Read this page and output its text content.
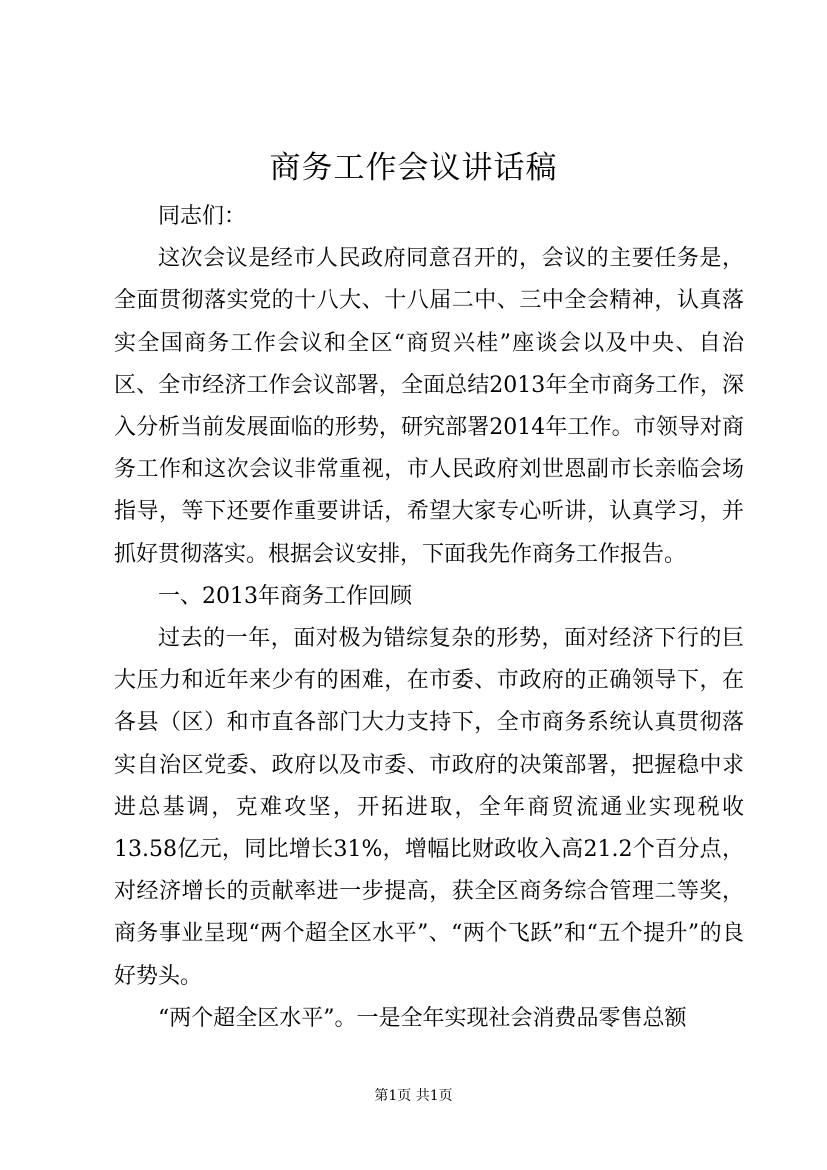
商务工作会议讲话稿

同志们：

这次会议是经市人民政府同意召开的，会议的主要任务是，全面贯彻落实党的十八大、十八届二中、三中全会精神，认真落实全国商务工作会议和全区“商贸兴桂”座谈会以及中央、自治区、全市经济工作会议部署，全面总结2013年全市商务工作，深入分析当前发展面临的形势，研究部署2014年工作。市领导对商务工作和这次会议非常重视，市人民政府刘世恩副市长亲临会场指导，等下还要作重要讲话，希望大家专心听讲，认真学习，并抓好贯彻落实。根据会议安排，下面我先作商务工作报告。

一、2013年商务工作回顾

过去的一年，面对极为错综复杂的形势，面对经济下行的巨大压力和近年来少有的困难，在市委、市政府的正确领导下，在各县（区）和市直各部门大力支持下，全市商务系统认真贯彻落实自治区党委、政府以及市委、市政府的决策部署，把握稳中求进总基调，克难攻坚，开拓进取，全年商贸流通业实现税收13.58亿元，同比增长31%，增幅比财政收入高21.2个百分点，对经济增长的贡献率进一步提高，获全区商务综合管理二等奖，商务事业呈现“两个超全区水平”、“两个飞跃”和“五个提升”的良好势头。

“两个超全区水平”。一是全年实现社会消费品零售总额

第1页 共1页
